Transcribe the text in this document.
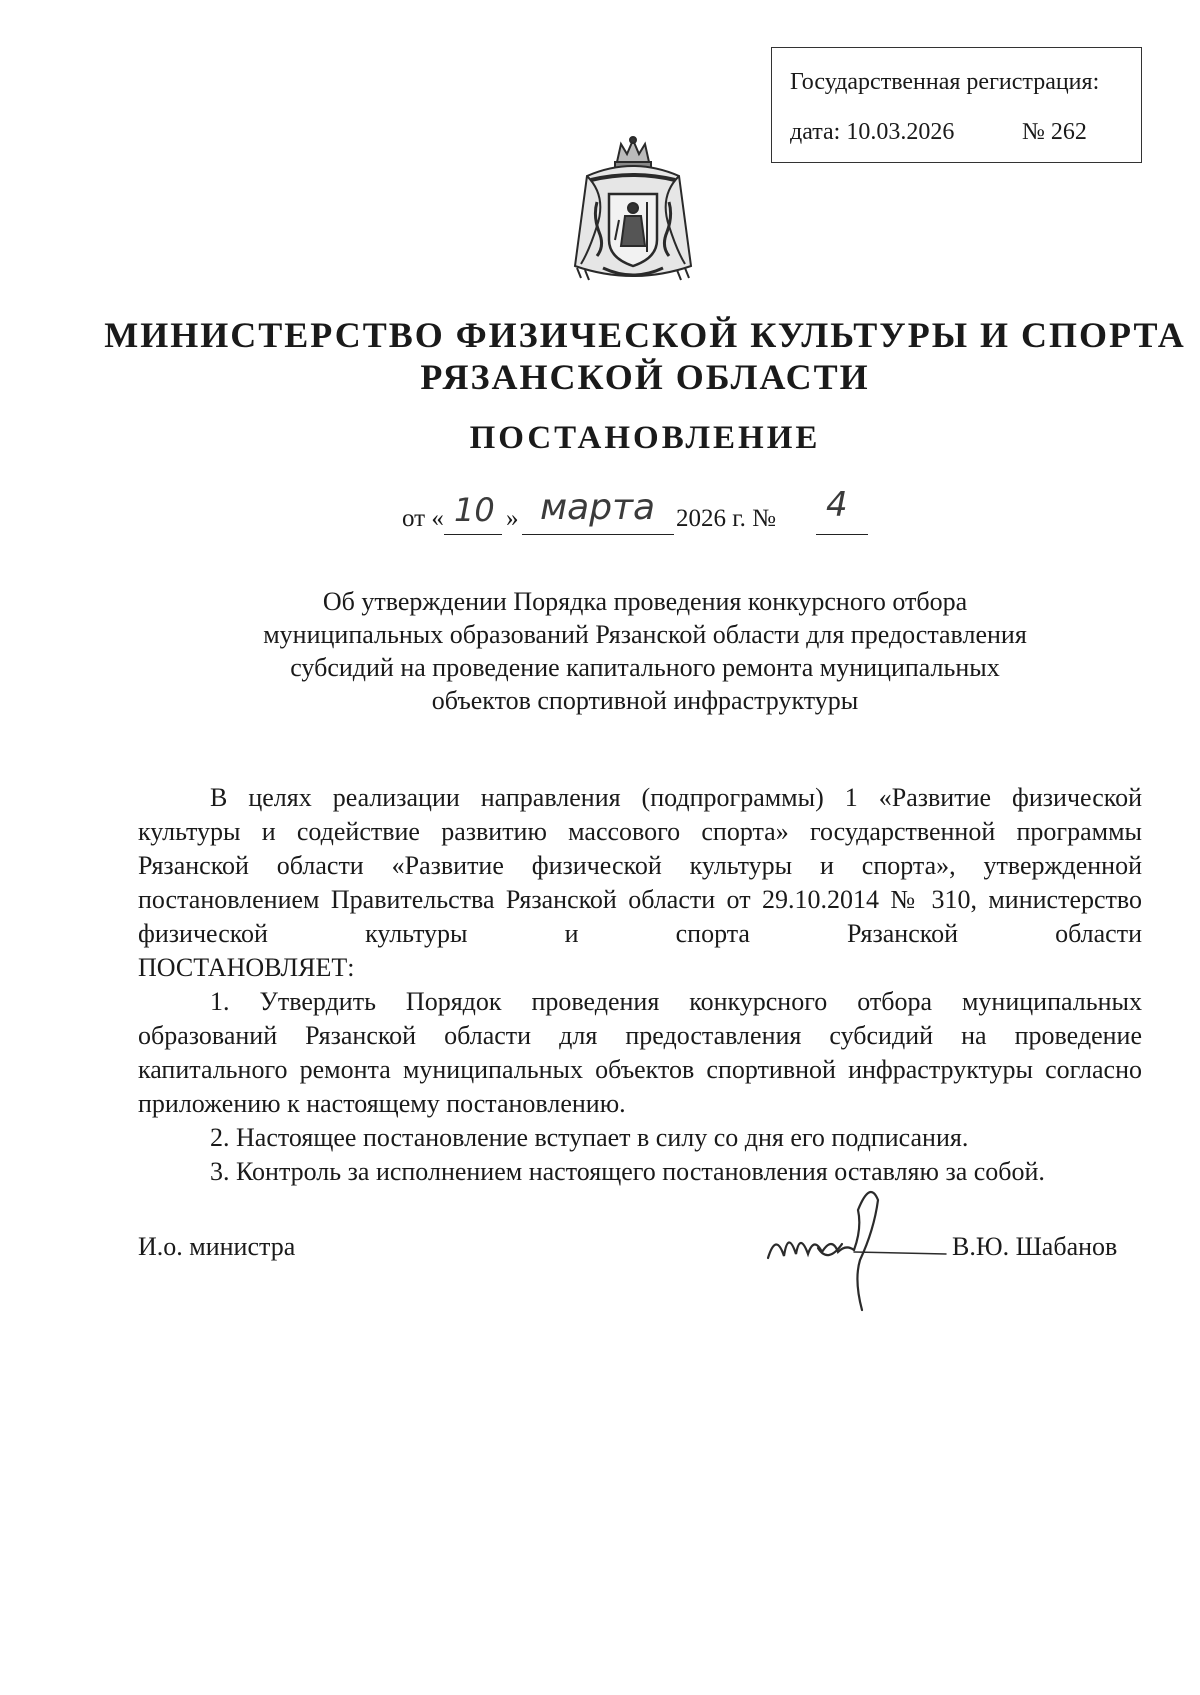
Государственная регистрация:
дата: 10.03.2026	№ 262
МИНИСТЕРСТВО ФИЗИЧЕСКОЙ КУЛЬТУРЫ И СПОРТА
РЯЗАНСКОЙ ОБЛАСТИ
ПОСТАНОВЛЕНИЕ
от « 10 » марта 2026 г. № 4
Об утверждении Порядка проведения конкурсного отбора
муниципальных образований Рязанской области для предоставления
субсидий на проведение капитального ремонта муниципальных
объектов спортивной инфраструктуры

В целях реализации направления (подпрограммы) 1 «Развитие физической культуры и содействие развитию массового спорта» государственной программы Рязанской области «Развитие физической культуры и спорта», утвержденной постановлением Правительства Рязанской области от 29.10.2014 № 310, министерство физической культуры и спорта Рязанской области

ПОСТАНОВЛЯЕТ:

1. Утвердить Порядок проведения конкурсного отбора муниципальных образований Рязанской области для предоставления субсидий на проведение капитального ремонта муниципальных объектов спортивной инфраструктуры согласно приложению к настоящему постановлению.

2. Настоящее постановление вступает в силу со дня его подписания.

3. Контроль за исполнением настоящего постановления оставляю за собой.

И.о. министра	В.Ю. Шабанов
